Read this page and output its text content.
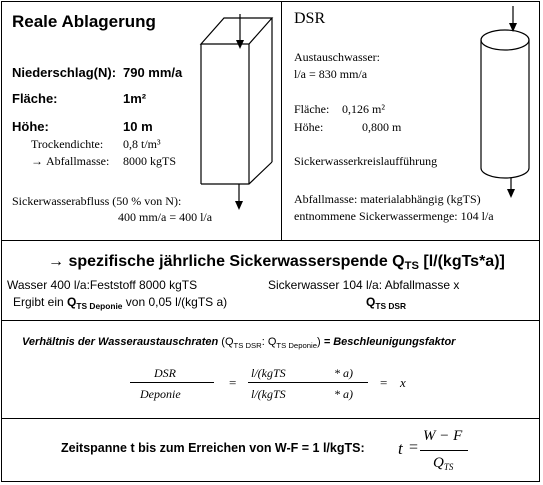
Reale Ablagerung
Niederschlag(N): 790 mm/a
Fläche:	1m²
Höhe:	10 m
Trockendichte: 0,8 t/m³
→ Abfallmasse: 8000 kgTS
Sickerwasserabfluss (50 % von N):
400 mm/a = 400 l/a
DSR
Austauschwasser:
l/a = 830 mm/a
Fläche: 0,126 m²
Höhe:	0,800 m
Sickerwasserkreislaufführung
Abfallmasse: materialabhängig (kgTS)
entnommene Sickerwassermenge: 104 l/a
→ spezifische jährliche Sickerwasserspende $Q_{TS}$ [l/(kgTs*a)]
Wasser 400 l/a:Feststoff 8000 kgTS
Ergibt ein $Q_{TS Deponie}$ von 0,05 l/(kgTS a)
Sickerwasser 104 l/a: Abfallmasse x
$Q_{TS DSR}$
Verhältnis der Wasseraustauschraten ($Q_{TS DSR}$: $Q_{TS Deponie}$) = Beschleunigungsfaktor
DSR
Deponie
=
l/(kgTS	* a)
l/(kgTS	* a)
= x
Zeitspanne t bis zum Erreichen von W-F = 1 l/kgTS: t =
W − F
$Q_{TS}$
